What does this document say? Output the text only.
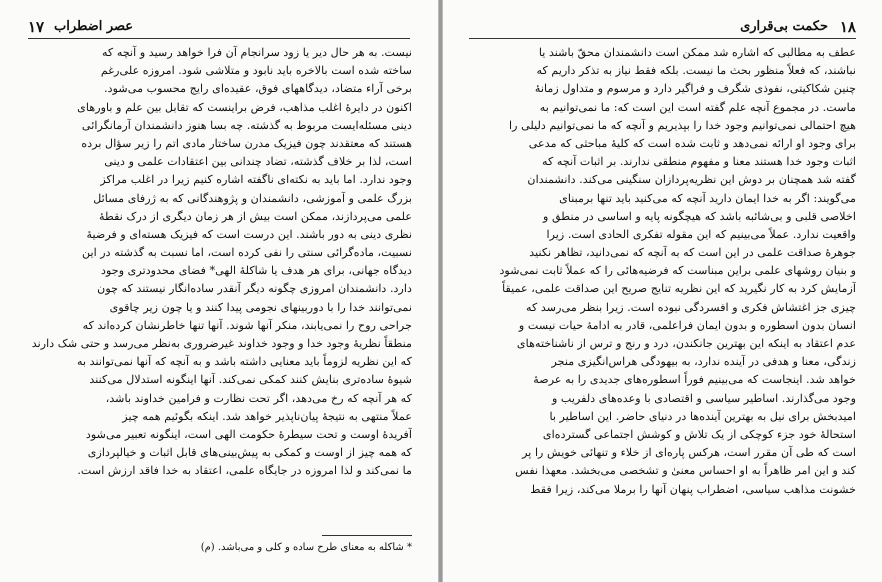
عصر اضطراب
۱۷
نیست. به هر حال دیر یا زود سرانجام آن فرا خواهد رسید و آنچه که
ساخته شده است بالاخره باید نابود و متلاشی شود. امروزه علی‌رغم
برخی آراء متضاد، دیدگاههای فوق، عقیده‌ای رایج محسوب می‌شود.
اکنون در دایرهٔ اغلب مذاهب، فرض براینست که تقابل بین علم و باورهای
دینی مسئله‌ایست مربوط به گذشته. چه بسا هنوز دانشمندان آرمانگرائی
هستند که معتقدند چون فیزیک مدرن ساختار مادی اتم را زیر سؤال برده
است، لذا بر خلاف گذشته، تضاد چندانی بین اعتقادات علمی و دینی
وجود ندارد. اما باید به نکته‌ای ناگفته اشاره کنیم زیرا در اغلب مراکز
بزرگ علمی و آموزشی، دانشمندان و پژوهندگانی که به ژرفای مسائل
علمی می‌پردازند، ممکن است بیش از هر زمان دیگری از درک نقطهٔ
نظری دینی به دور باشند. این درست است که فیزیک هسته‌ای و فرضیهٔ
نسبیت، ماده‌گرائی سنتی را نفی کرده است، اما نسبت به گذشته در این
دیدگاه جهانی، برای هر هدف یا شاکلهٔ الهی* فضای محدودتری وجود
دارد. دانشمندان امروزی چگونه دیگر آنقدر ساده‌انگار نیستند که چون
نمی‌توانند خدا را با دوربینهای نجومی پیدا کنند و یا چون زیر چاقوی
جراحی روح را نمی‌یابند، منکر آنها شوند. آنها تنها خاطرنشان کرده‌اند که
منطقاً نظریهٔ وجود خدا و وجود خداوند غیرضروری به‌نظر می‌رسد و حتی شک دارند
که این نظریه لزوماً باید معنایی داشته باشد و به آنچه که آنها نمی‌توانند به
شیوهٔ ساده‌تری بنایش کنند کمکی نمی‌کند. آنها اینگونه استدلال می‌کنند
که هر آنچه که رخ می‌دهد، اگر تحت نظارت و فرامین خداوند باشد،
عملاً منتهی به نتیجهٔ پیان‌ناپذیر خواهد شد. اینکه بگوئیم همه چیز
آفریدهٔ اوست و تحت سیطرهٔ حکومت الهی است، اینگونه تعبیر می‌شود
که همه چیز از اوست و کمکی به پیش‌بینی‌های قابل اثبات و خیالپردازی
ما نمی‌کند و لذا امروزه در جایگاه علمی، اعتقاد به خدا فاقد ارزش است.
* شاکله به معنای طرح ساده و کلی و می‌باشد. (م)
۱۸
حکمت بی‌قراری
عطف به مطالبی که اشاره شد ممکن است دانشمندان محقّ باشند یا
نباشند، که فعلاً منظور بحث ما نیست. بلکه فقط نیاز به تذکر داریم که
چنین شکاکیتی، نفوذی شگرف و فراگیر دارد و مرسوم و متداول زمانهٔ
ماست. در مجموع آنچه علم گفته است این است که: ما نمی‌توانیم به
هیچ احتمالی نمی‌توانیم وجود خدا را بپذیریم و آنچه که ما نمی‌توانیم دلیلی را
برای وجود او ارائه نمی‌دهد و ثابت شده است که کلیهٔ مباحثی که مدعی
اثبات وجود خدا هستند معنا و مفهوم منطقی ندارند. بر اثبات آنچه که
گفته شد همچنان بر دوش این نظریه‌پردازان سنگینی می‌کند. دانشمندان
می‌گویند: اگر به خدا ایمان دارید آنچه که می‌کنید باید تنها برمبنای
اخلاصی قلبی و بی‌شائبه باشد که هیچگونه پایه و اساسی در منطق و
واقعیت ندارد. عملاً می‌بینیم که این مقوله تفکری الحادی است. زیرا
جوهرهٔ صداقت علمی در این است که به آنچه که نمی‌دانید، تظاهر نکنید
و بنیان روشهای علمی براین مبناست که فرضیه‌هائی را که عملاً ثابت نمی‌شود
آزمایش کرد به کار نگیرید که این نظریه تنایج صریح این صداقت علمی، عمیقاً
چیزی جز اغتشاش فکری و افسردگی نبوده است. زیرا بنظر می‌رسد که
انسان بدون اسطوره و بدون ایمان فراعلمی، قادر به ادامهٔ حیات نیست و
عدم اعتقاد به اینکه این بهترین جانکندن، درد و رنج و ترس از ناشناخته‌های
زندگی، معنا و هدفی در آینده ندارد، به بیهودگی هراس‌انگیزی منجر
خواهد شد. اینجاست که می‌بینیم فوراً اسطوره‌های جدیدی را به عرصهٔ
وجود می‌گذارند. اساطیر سیاسی و اقتصادی با وعده‌های دلفریب و
امیدبخش برای نیل به بهترین آینده‌ها در دنیای حاضر. این اساطیر با
استحالهٔ خود جزء کوچکی از یک تلاش و کوشش اجتماعی گسترده‌ای
است که طی آن مقرر است، هرکس پاره‌ای از خلاء و تنهائی خویش را پر
کند و این امر ظاهراً به او احساس معنیٰ و تشخصی می‌بخشد. معهذا نفس
خشونت مذاهب سیاسی، اضطراب پنهان آنها را برملا می‌کند، زیرا فقط
